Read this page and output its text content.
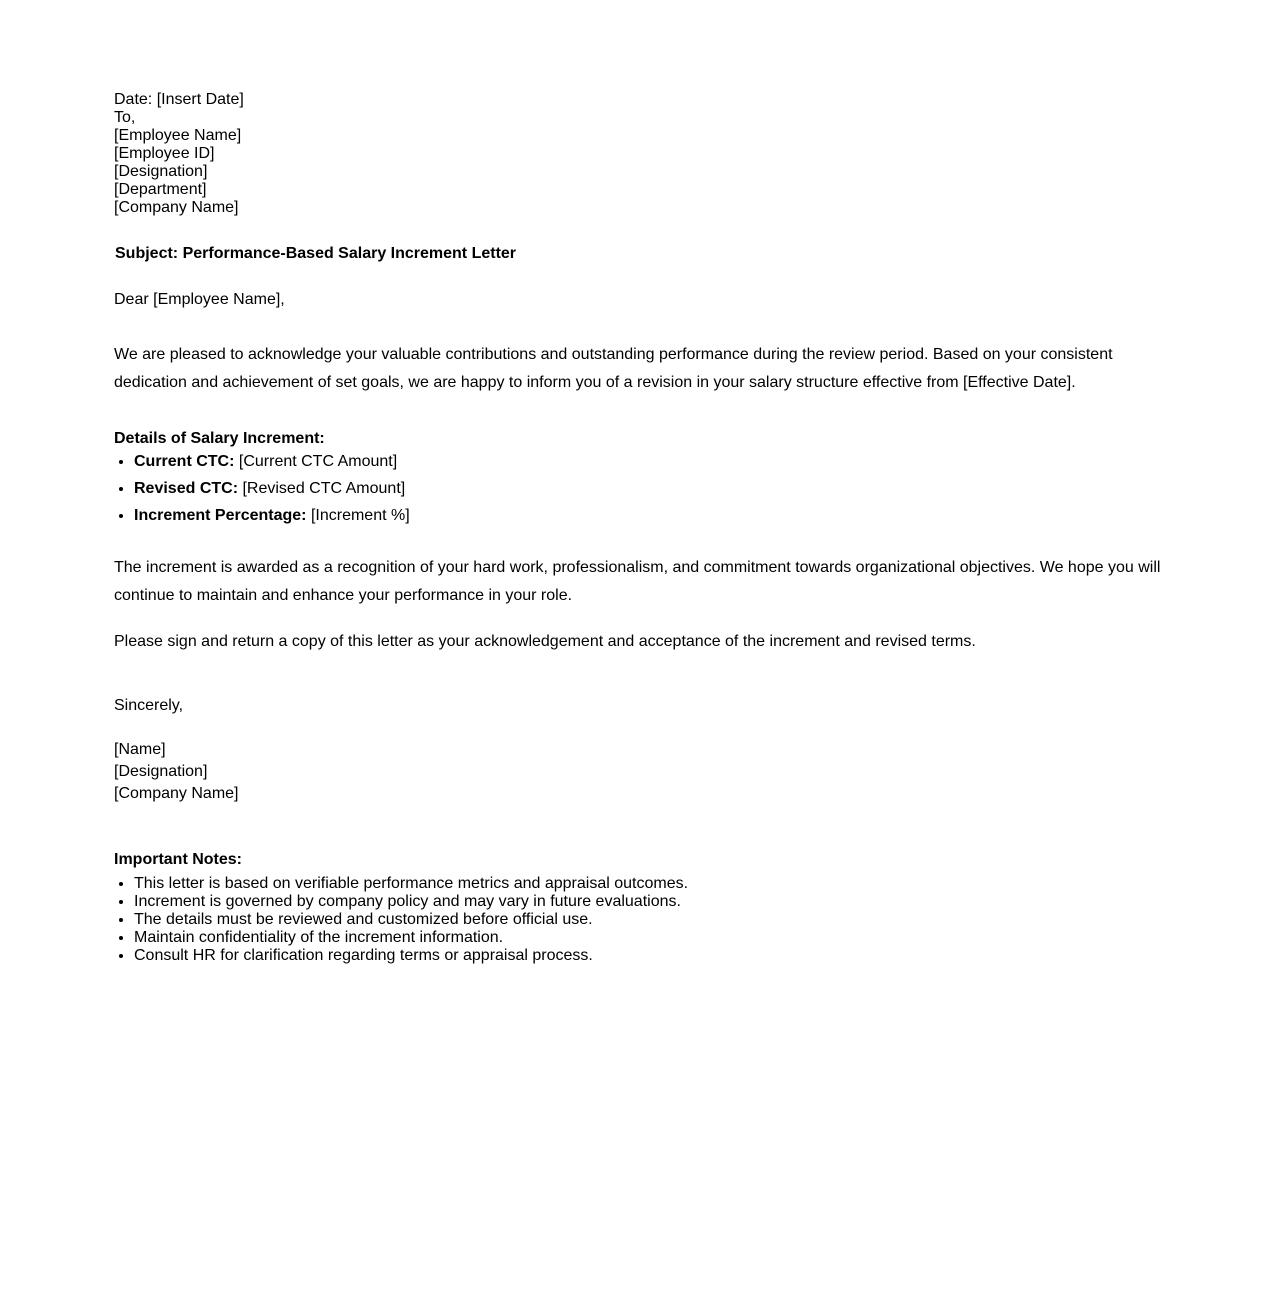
Date: [Insert Date]
To,
[Employee Name]
[Employee ID]
[Designation]
[Department]
[Company Name]
Subject: Performance-Based Salary Increment Letter
Dear [Employee Name],
We are pleased to acknowledge your valuable contributions and outstanding performance during the review period. Based on your consistent dedication and achievement of set goals, we are happy to inform you of a revision in your salary structure effective from [Effective Date].
Details of Salary Increment:
• Current CTC: [Current CTC Amount]
• Revised CTC: [Revised CTC Amount]
• Increment Percentage: [Increment %]
The increment is awarded as a recognition of your hard work, professionalism, and commitment towards organizational objectives. We hope you will continue to maintain and enhance your performance in your role.
Please sign and return a copy of this letter as your acknowledgement and acceptance of the increment and revised terms.
Sincerely,
[Name]
[Designation]
[Company Name]
Important Notes:
• This letter is based on verifiable performance metrics and appraisal outcomes.
• Increment is governed by company policy and may vary in future evaluations.
• The details must be reviewed and customized before official use.
• Maintain confidentiality of the increment information.
• Consult HR for clarification regarding terms or appraisal process.
